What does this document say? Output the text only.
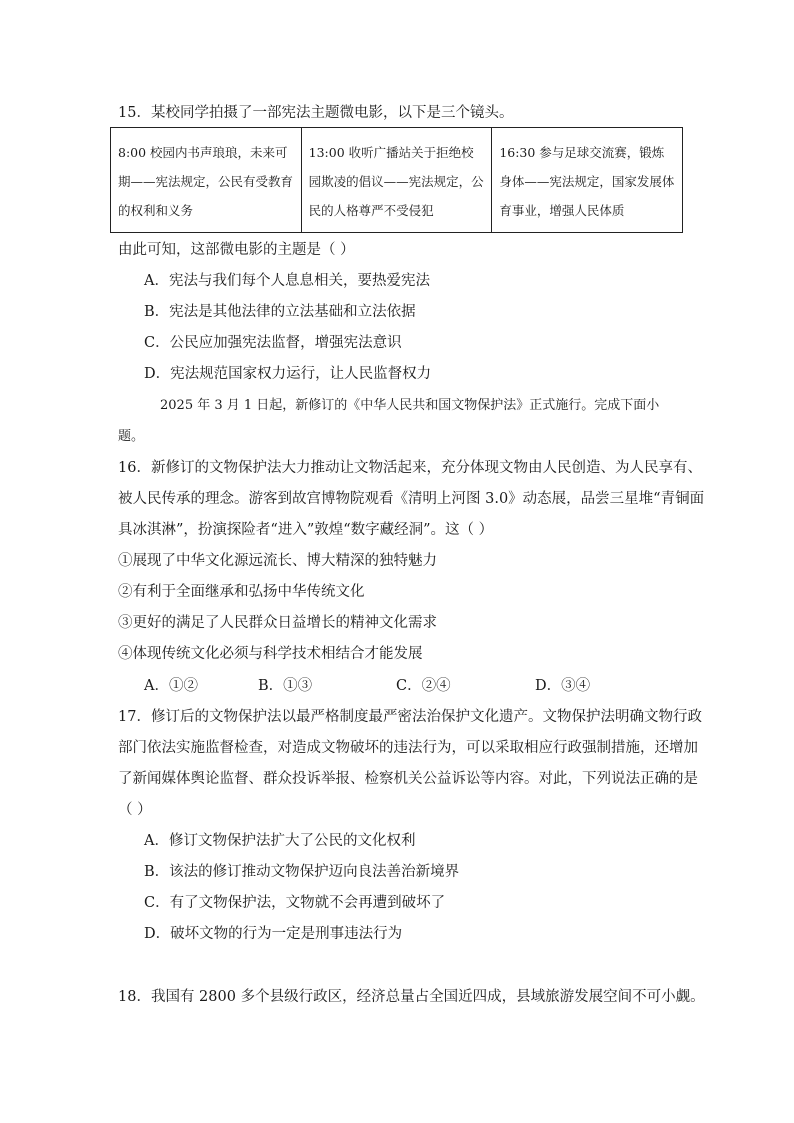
15．某校同学拍摄了一部宪法主题微电影，以下是三个镜头。
8:00 校园内书声琅琅，未来可期——宪法规定，公民有受教育的权利和义务	13:00 收听广播站关于拒绝校园欺凌的倡议——宪法规定，公民的人格尊严不受侵犯	16:30 参与足球交流赛，锻炼身体——宪法规定，国家发展体育事业，增强人民体质
由此可知，这部微电影的主题是（ ）
A．宪法与我们每个人息息相关，要热爱宪法
B．宪法是其他法律的立法基础和立法依据
C．公民应加强宪法监督，增强宪法意识
D．宪法规范国家权力运行，让人民监督权力
2025 年 3 月 1 日起，新修订的《中华人民共和国文物保护法》正式施行。完成下面小
题。
16．新修订的文物保护法大力推动让文物活起来，充分体现文物由人民创造、为人民享有、
被人民传承的理念。游客到故宫博物院观看《清明上河图 3.0》动态展，品尝三星堆“青铜面
具冰淇淋”，扮演探险者“进入”敦煌“数字藏经洞”。这（ ）
①展现了中华文化源远流长、博大精深的独特魅力
②有利于全面继承和弘扬中华传统文化
③更好的满足了人民群众日益增长的精神文化需求
④体现传统文化必须与科学技术相结合才能发展
A．①②	B．①③	C．②④	D．③④
17．修订后的文物保护法以最严格制度最严密法治保护文化遗产。文物保护法明确文物行政
部门依法实施监督检查，对造成文物破坏的违法行为，可以采取相应行政强制措施，还增加
了新闻媒体舆论监督、群众投诉举报、检察机关公益诉讼等内容。对此，下列说法正确的是
（ ）
A．修订文物保护法扩大了公民的文化权利
B．该法的修订推动文物保护迈向良法善治新境界
C．有了文物保护法，文物就不会再遭到破坏了
D．破坏文物的行为一定是刑事违法行为
18．我国有 2800 多个县级行政区，经济总量占全国近四成，县域旅游发展空间不可小觑。
